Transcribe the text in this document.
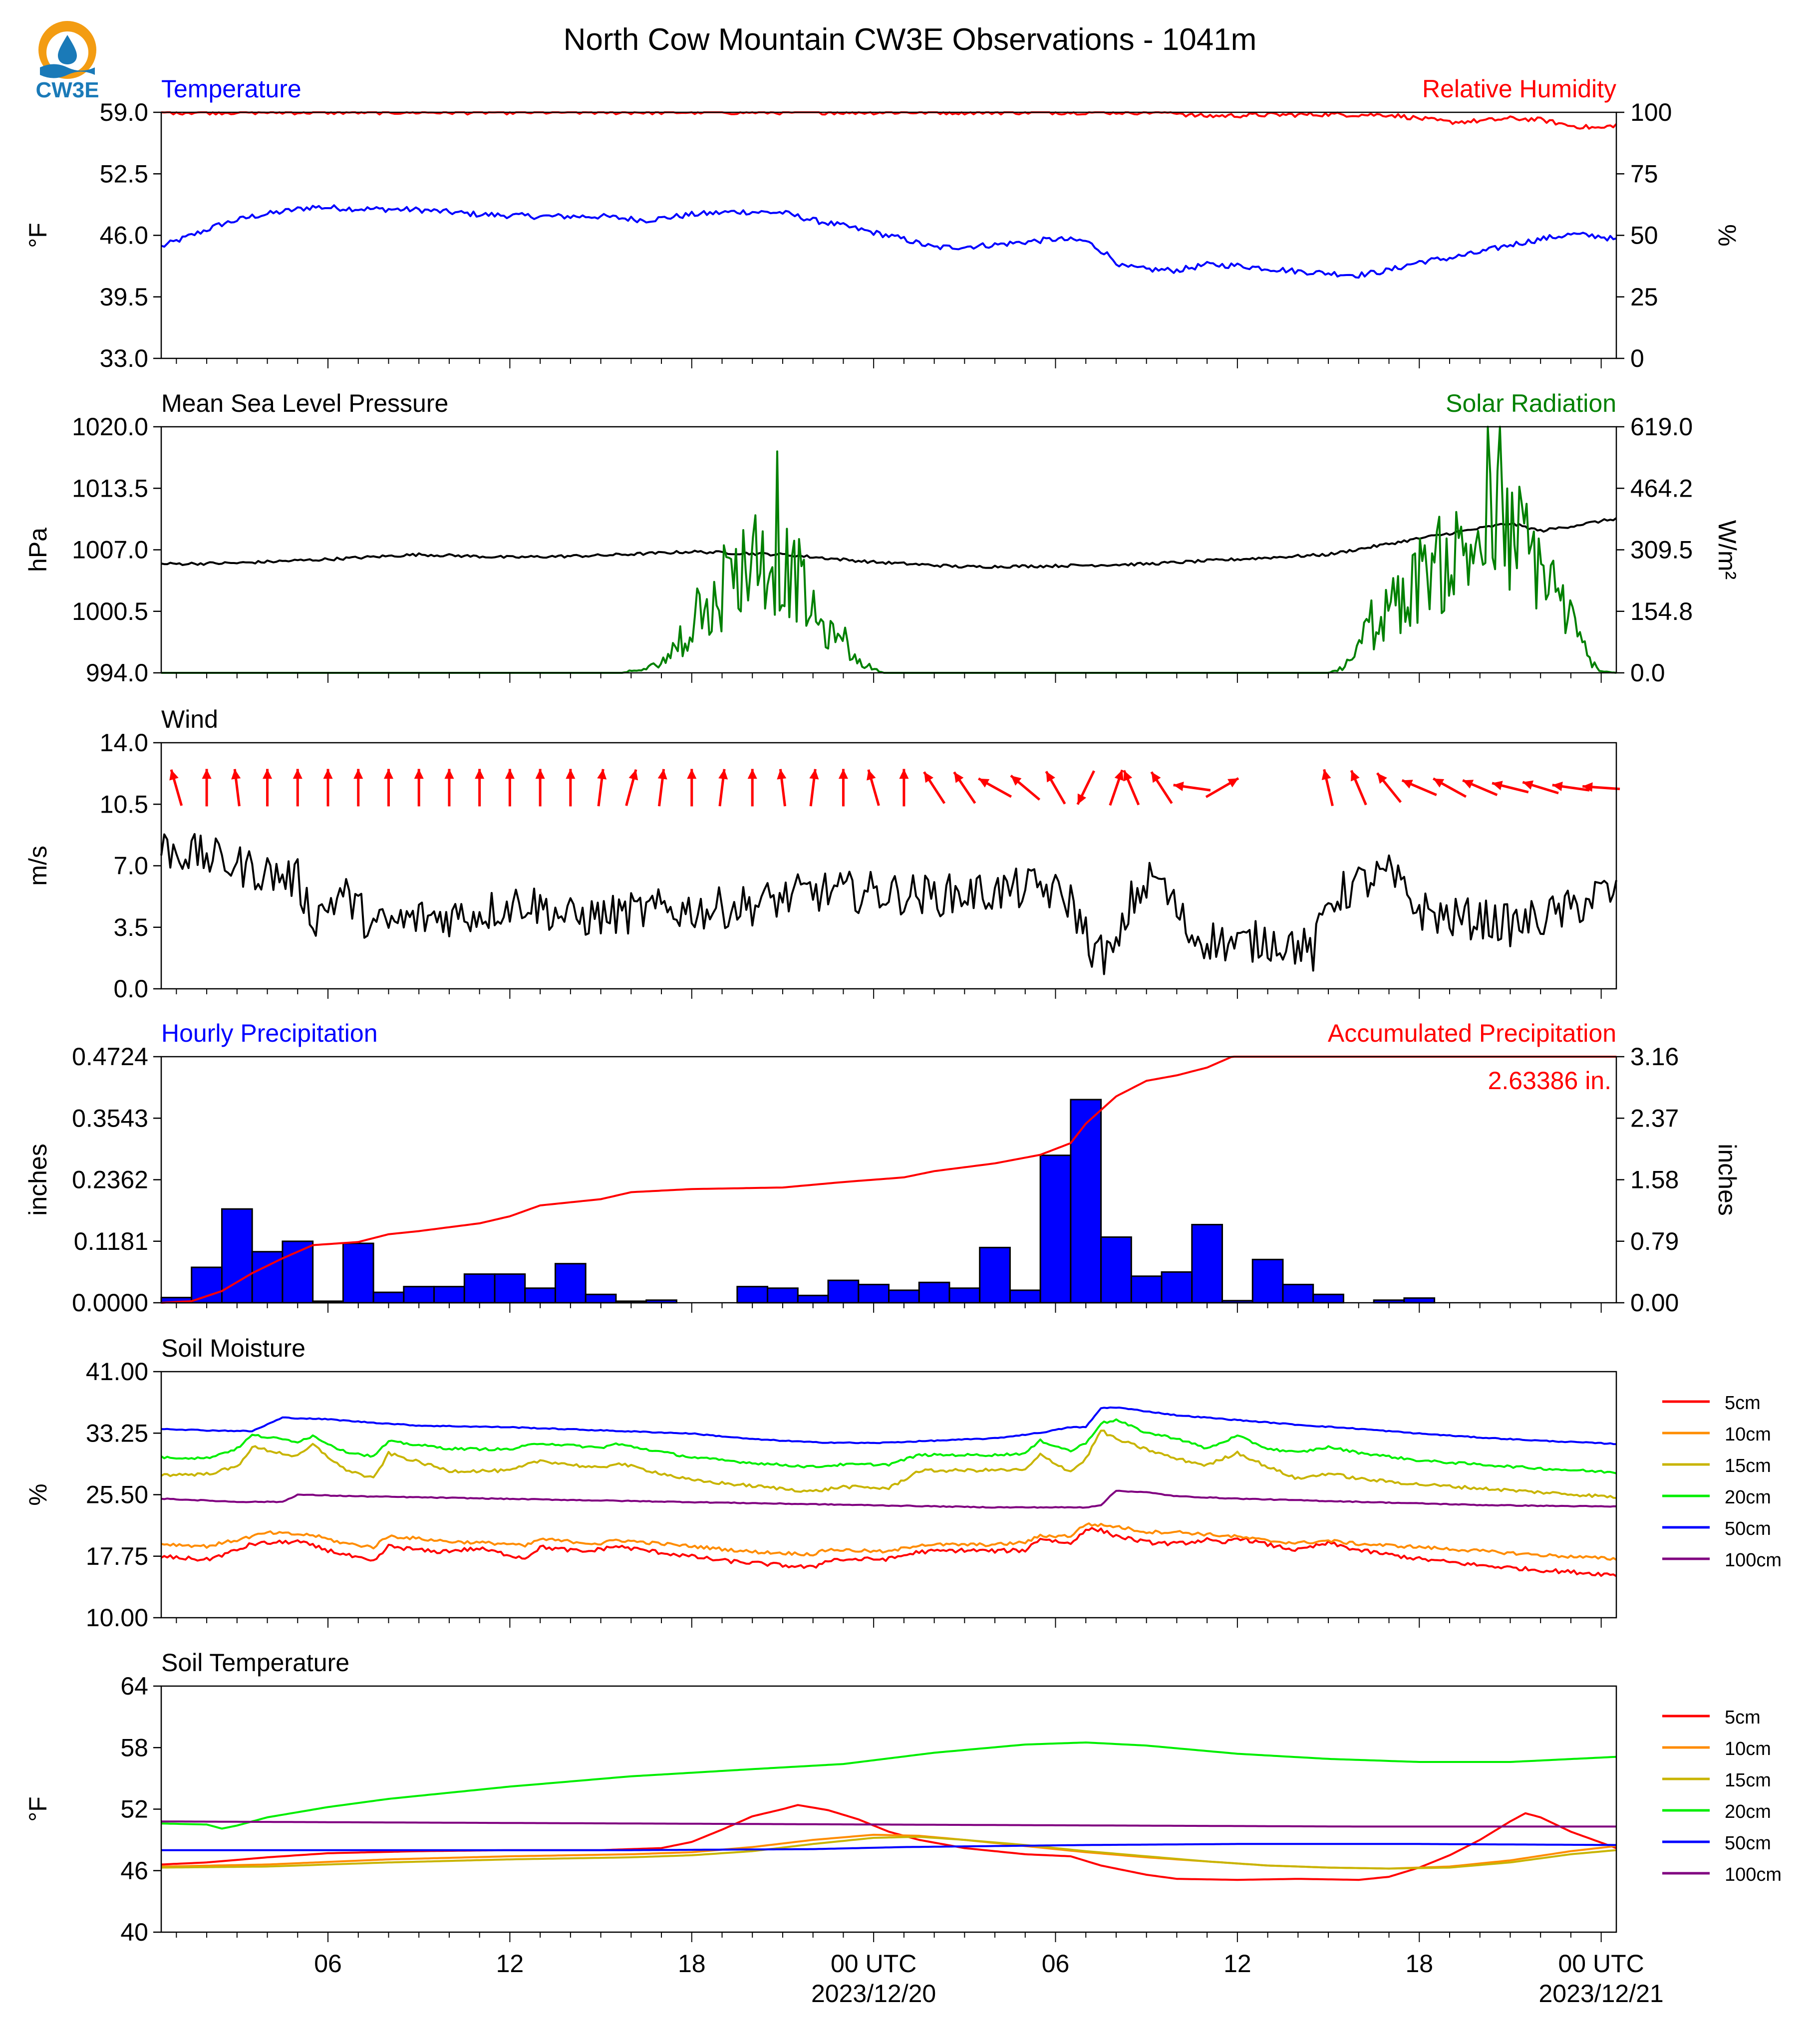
North Cow Mountain CW3E Observations - 1041m
CW3E Temperature	Relative Humidity
°F	%
33.0
39.5
46.0
52.5
59.0
0
25
50
75
100
Mean Sea Level Pressure	Solar Radiation
hPa	W/m²
994.0
1000.5
1007.0
1013.5
1020.0
0.0
154.8
309.5
464.2
619.0
Wind
m/s
0.0
3.5
7.0
10.5
14.0
Hourly Precipitation	Accumulated Precipitation
inches	inches
2.63386 in.
0.0000
0.1181
0.2362
0.3543
0.4724
0.00
0.79
1.58
2.37
3.16
Soil Moisture
%
10.00
17.75
25.50
33.25
41.00
5cm
10cm
15cm
20cm
50cm
100cm
Soil Temperature
°F
40
46
52
58
64
06	12	18	00 UTC
2023/12/20
06	12	18	00 UTC
2023/12/21
5cm
10cm
15cm
20cm
50cm
100cm
